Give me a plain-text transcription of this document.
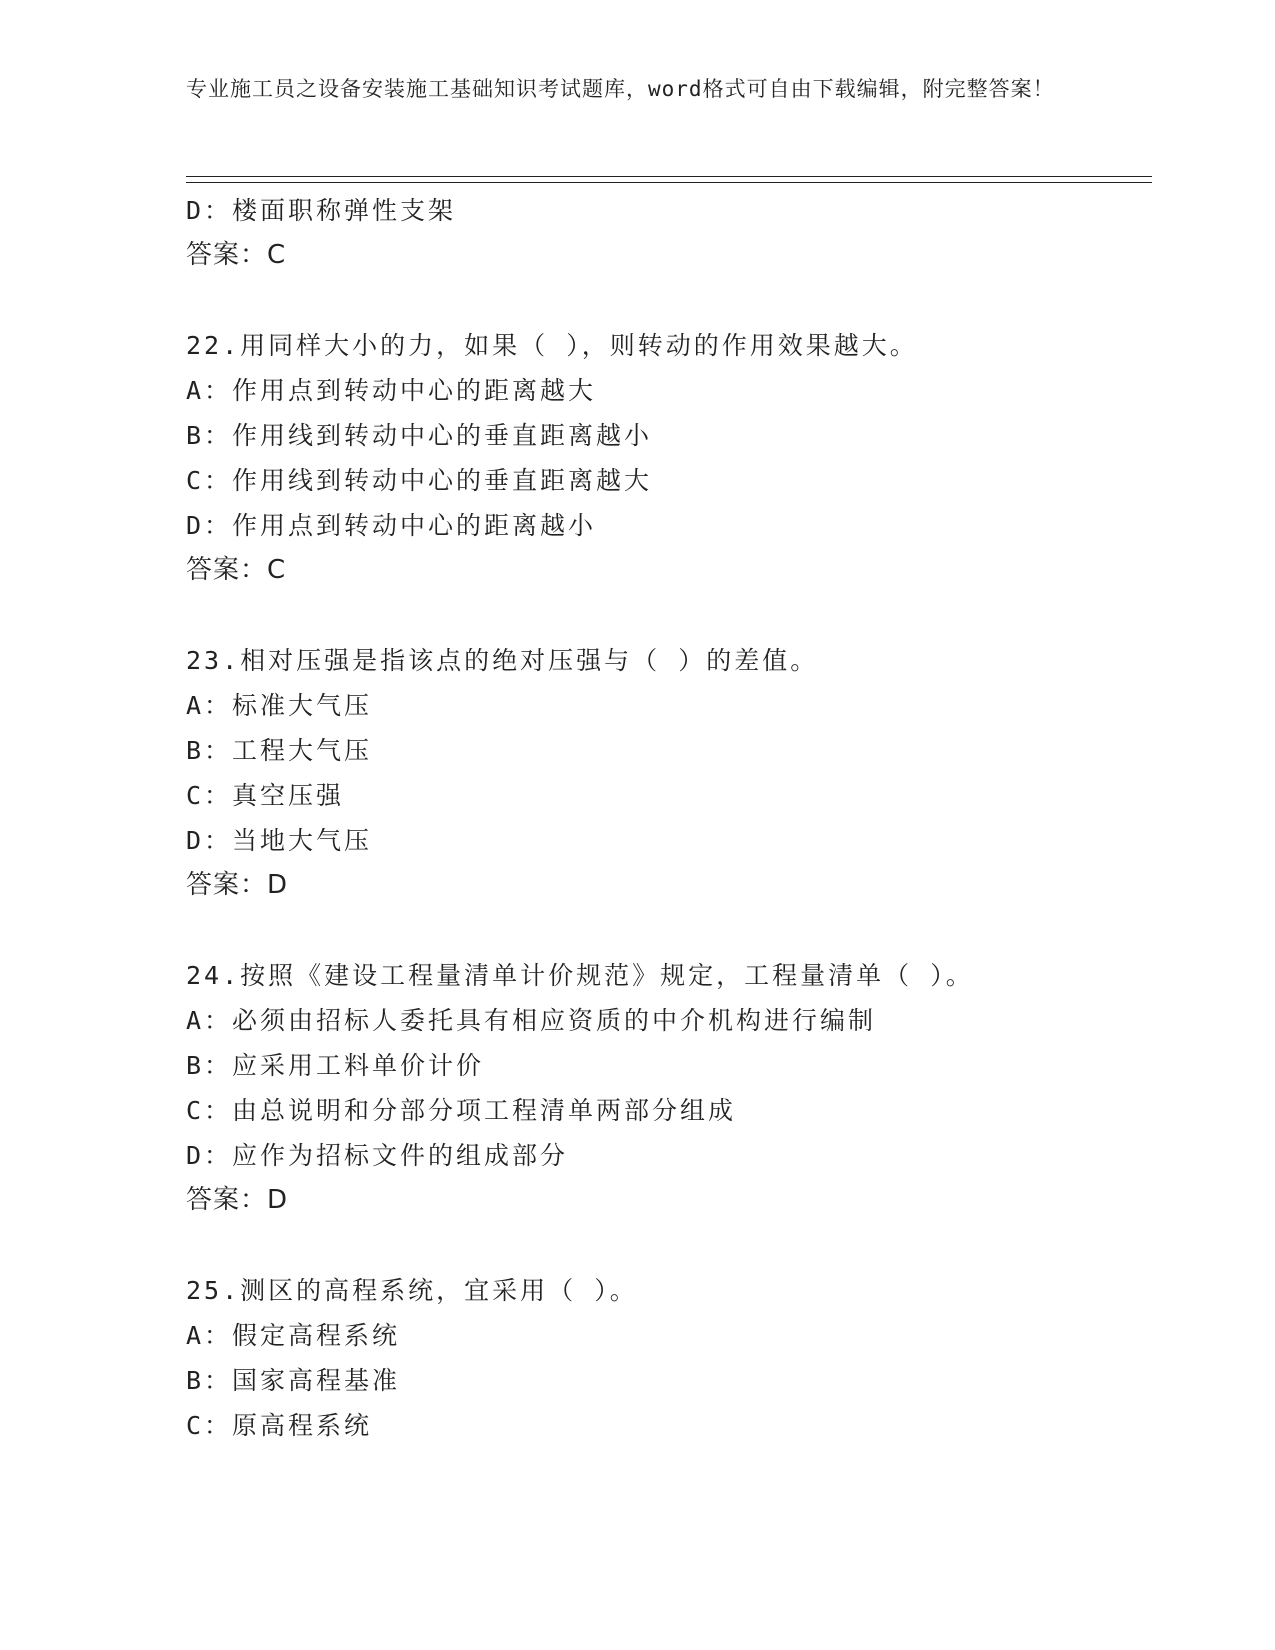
专业施工员之设备安装施工基础知识考试题库，word格式可自由下载编辑，附完整答案！
D：楼面职称弹性支架
答案：C
22.用同样大小的力，如果（ ），则转动的作用效果越大。
A：作用点到转动中心的距离越大
B：作用线到转动中心的垂直距离越小
C：作用线到转动中心的垂直距离越大
D：作用点到转动中心的距离越小
答案：C
23.相对压强是指该点的绝对压强与（ ）的差值。
A：标准大气压
B：工程大气压
C：真空压强
D：当地大气压
答案：D
24.按照《建设工程量清单计价规范》规定，工程量清单（ ）。
A：必须由招标人委托具有相应资质的中介机构进行编制
B：应采用工料单价计价
C：由总说明和分部分项工程清单两部分组成
D：应作为招标文件的组成部分
答案：D
25.测区的高程系统，宜采用（ ）。
A：假定高程系统
B：国家高程基准
C：原高程系统
